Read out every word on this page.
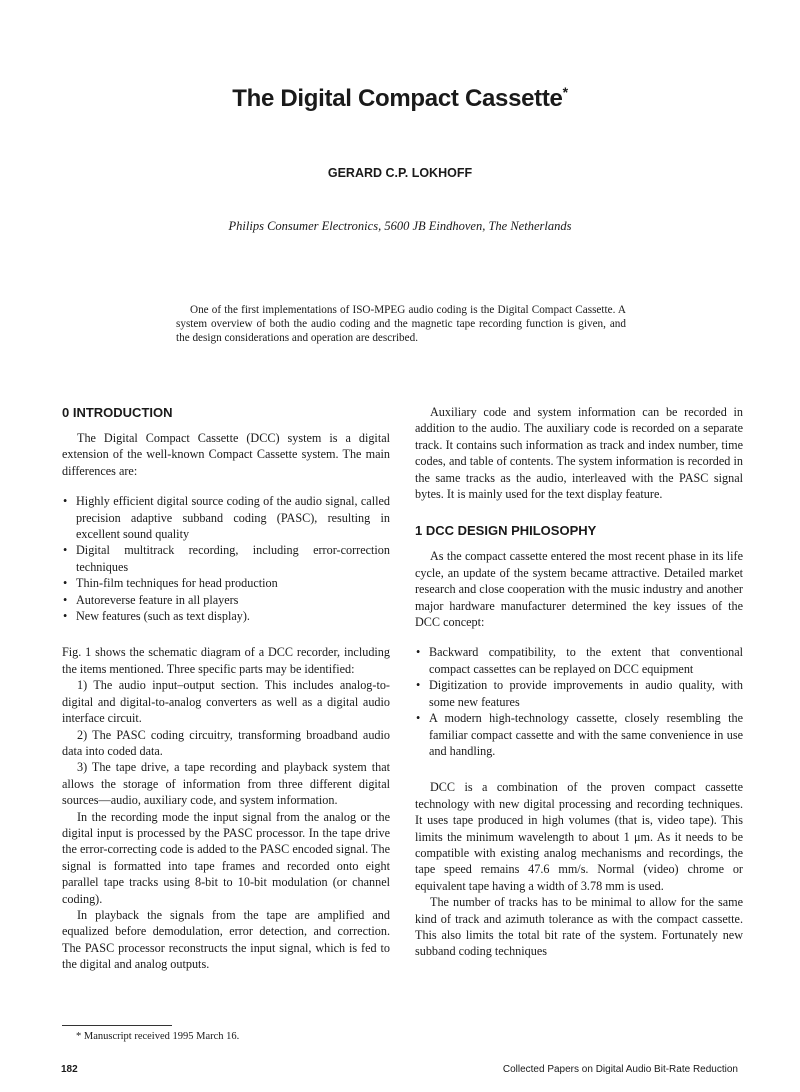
The Digital Compact Cassette*
GERARD C.P. LOKHOFF
Philips Consumer Electronics, 5600 JB Eindhoven, The Netherlands

One of the first implementations of ISO-MPEG audio coding is the Digital Compact Cassette. A system overview of both the audio coding and the magnetic tape recording function is given, and the design considerations and operation are described.

0 INTRODUCTION

The Digital Compact Cassette (DCC) system is a digital extension of the well-known Compact Cassette system. The main differences are:

• Highly efficient digital source coding of the audio signal, called precision adaptive subband coding (PASC), resulting in excellent sound quality
• Digital multitrack recording, including error-correction techniques
• Thin-film techniques for head production
• Autoreverse feature in all players
• New features (such as text display).

Fig. 1 shows the schematic diagram of a DCC recorder, including the items mentioned. Three specific parts may be identified:

1) The audio input–output section. This includes analog-to-digital and digital-to-analog converters as well as a digital audio interface circuit.

2) The PASC coding circuitry, transforming broadband audio data into coded data.

3) The tape drive, a tape recording and playback system that allows the storage of information from three different digital sources—audio, auxiliary code, and system information.

In the recording mode the input signal from the analog or the digital input is processed by the PASC processor. In the tape drive the error-correcting code is added to the PASC encoded signal. The signal is formatted into tape frames and recorded onto eight parallel tape tracks using 8-bit to 10-bit modulation (or channel coding).

In playback the signals from the tape are amplified and equalized before demodulation, error detection, and correction. The PASC processor reconstructs the input signal, which is fed to the digital and analog outputs.

Auxiliary code and system information can be recorded in addition to the audio. The auxiliary code is recorded on a separate track. It contains such information as track and index number, time codes, and table of contents. The system information is recorded in the same tracks as the audio, interleaved with the PASC signal bytes. It is mainly used for the text display feature.

1 DCC DESIGN PHILOSOPHY

As the compact cassette entered the most recent phase in its life cycle, an update of the system became attractive. Detailed market research and close cooperation with the music industry and another major hardware manufacturer determined the key issues of the DCC concept:

• Backward compatibility, to the extent that conventional compact cassettes can be replayed on DCC equipment
• Digitization to provide improvements in audio quality, with some new features
• A modern high-technology cassette, closely resembling the familiar compact cassette and with the same convenience in use and handling.

DCC is a combination of the proven compact cassette technology with new digital processing and recording techniques. It uses tape produced in high volumes (that is, video tape). This limits the minimum wavelength to about 1 μm. As it needs to be compatible with existing analog mechanisms and recordings, the tape speed remains 47.6 mm/s. Normal (video) chrome or equivalent tape having a width of 3.78 mm is used.

The number of tracks has to be minimal to allow for the same kind of track and azimuth tolerance as with the compact cassette. This also limits the total bit rate of the system. Fortunately new subband coding techniques

* Manuscript received 1995 March 16.
182	Collected Papers on Digital Audio Bit-Rate Reduction
